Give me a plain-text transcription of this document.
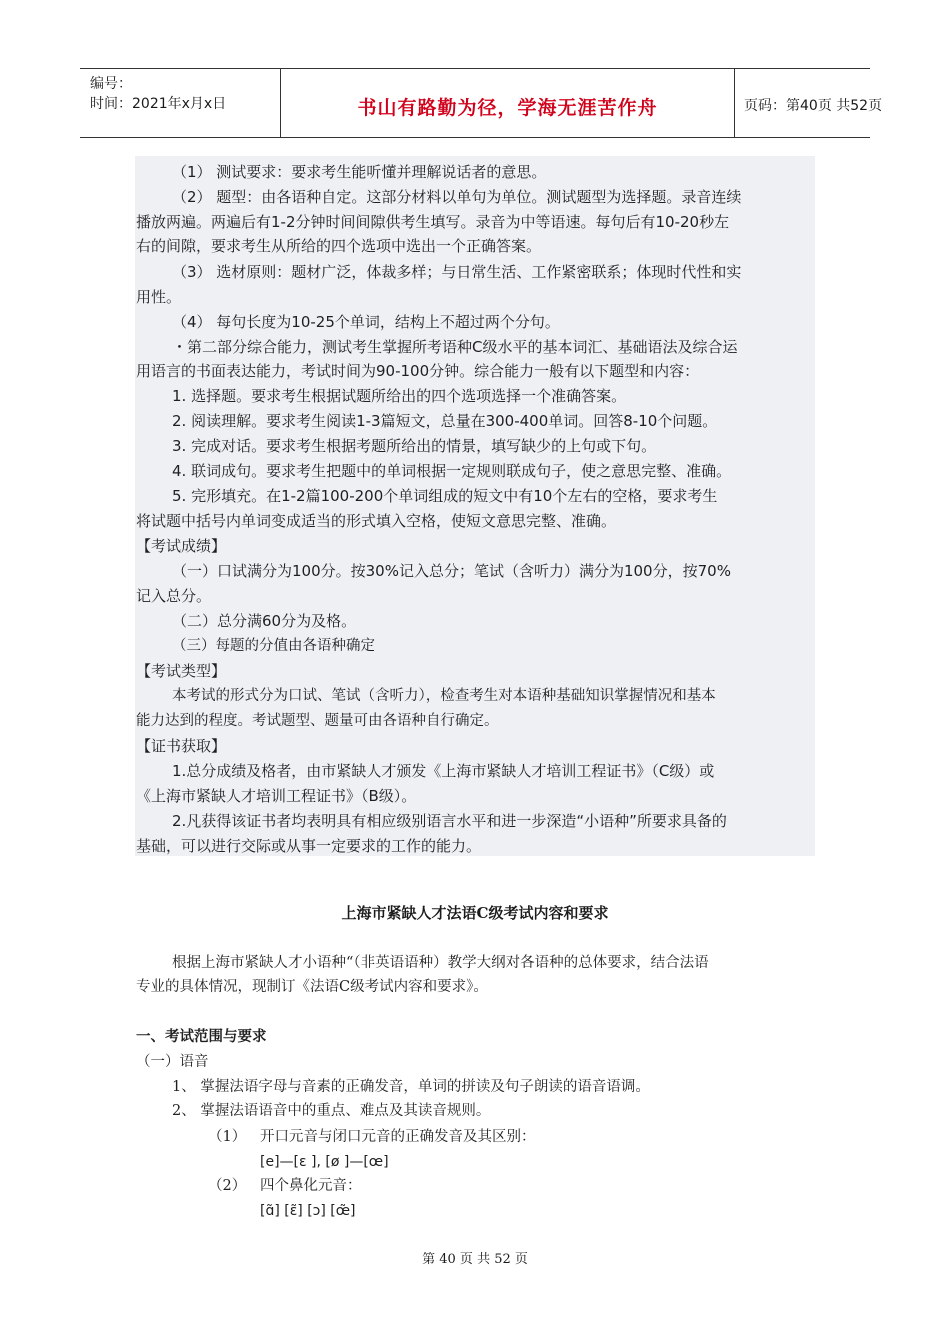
编号：
时间：2021年x月x日	书山有路勤为径，学海无涯苦作舟	页码：第40页 共52页
（1） 测试要求：要求考生能听懂并理解说话者的意思。
（2） 题型：由各语种自定。这部分材料以单句为单位。测试题型为选择题。录音连续
播放两遍。两遍后有1-2分钟时间间隙供考生填写。录音为中等语速。每句后有10-20秒左
右的间隙，要求考生从所给的四个选项中选出一个正确答案。
（3） 选材原则：题材广泛，体裁多样；与日常生活、工作紧密联系；体现时代性和实
用性。
（4） 每句长度为10-25个单词，结构上不超过两个分句。
・第二部分综合能力，测试考生掌握所考语种C级水平的基本词汇、基础语法及综合运
用语言的书面表达能力，考试时间为90-100分钟。综合能力一般有以下题型和内容：
1. 选择题。要求考生根据试题所给出的四个选项选择一个准确答案。
2. 阅读理解。要求考生阅读1-3篇短文，总量在300-400单词。回答8-10个问题。
3. 完成对话。要求考生根据考题所给出的情景，填写缺少的上句或下句。
4. 联词成句。要求考生把题中的单词根据一定规则联成句子，使之意思完整、准确。
5. 完形填充。在1-2篇100-200个单词组成的短文中有10个左右的空格，要求考生
将试题中括号内单词变成适当的形式填入空格，使短文意思完整、准确。
【考试成绩】
（一）口试满分为100分。按30%记入总分；笔试（含听力）满分为100分，按70%
记入总分。
（二）总分满60分为及格。
（三）每题的分值由各语种确定
【考试类型】
本考试的形式分为口试、笔试（含听力），检查考生对本语种基础知识掌握情况和基本
能力达到的程度。考试题型、题量可由各语种自行确定。
【证书获取】
1.总分成绩及格者，由市紧缺人才颁发《上海市紧缺人才培训工程证书》（C级）或
《上海市紧缺人才培训工程证书》（B级）。
2.凡获得该证书者均表明具有相应级别语言水平和进一步深造“小语种”所要求具备的
基础，可以进行交际或从事一定要求的工作的能力。
上海市紧缺人才法语C级考试内容和要求
根据上海市紧缺人才小语种“（非英语语种）教学大纲对各语种的总体要求，结合法语
专业的具体情况，现制订《法语C级考试内容和要求》。
一、考试范围与要求
（一）语音
1、 掌握法语字母与音素的正确发音，单词的拼读及句子朗读的语音语调。
2、 掌握法语语音中的重点、难点及其读音规则。
（1） 开口元音与闭口元音的正确发音及其区别：
[e]—[ɛ ], [ø ]—[œ]
（2） 四个鼻化元音：
[ɑ̃] [ɛ̃] [ɔ] [œ̃]
第 40 页 共 52 页
